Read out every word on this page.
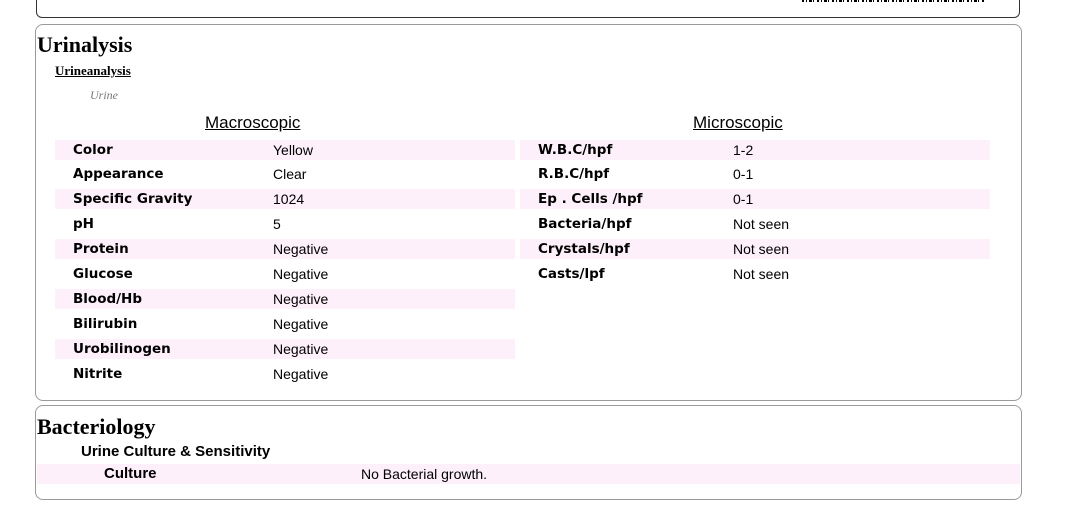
Urinalysis
Urineanalysis
Urine
Macroscopic	Microscopic
Color	Yellow
Appearance	Clear
Specific Gravity	1024
pH	5
Protein	Negative
Glucose	Negative
Blood/Hb	Negative
Bilirubin	Negative
Urobilinogen	Negative
Nitrite	Negative
W.B.C/hpf	1-2
R.B.C/hpf	0-1
Ep . Cells /hpf	0-1
Bacteria/hpf	Not seen
Crystals/hpf	Not seen
Casts/lpf	Not seen
Bacteriology
Urine Culture & Sensitivity
Culture	No Bacterial growth.
